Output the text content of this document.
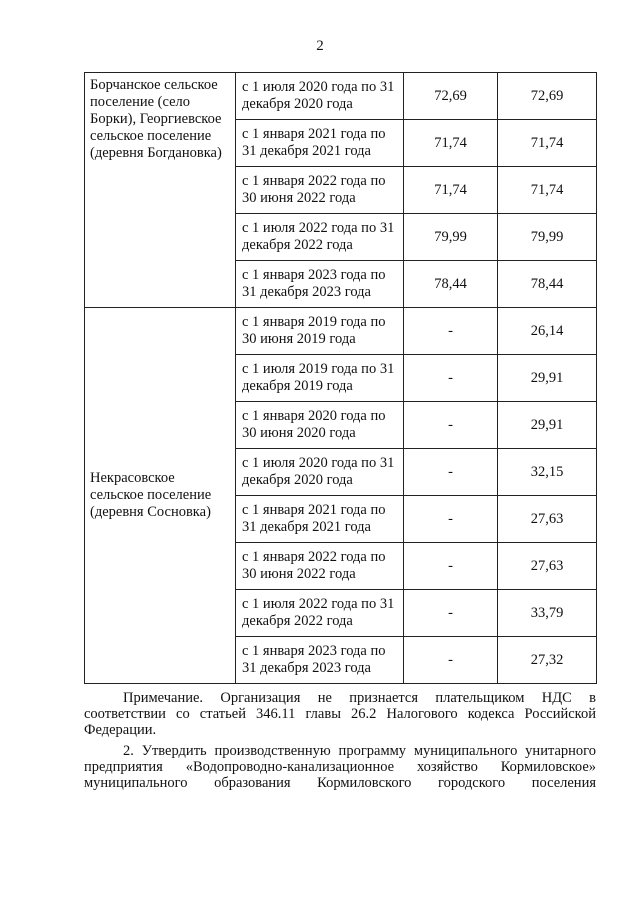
2
Борчанское сельское поселение (село Борки), Георгиевское сельское поселение (деревня Богдановка)	с 1 июля 2020 года по 31 декабря 2020 года	72,69	72,69
	с 1 января 2021 года по 31 декабря 2021 года	71,74	71,74
	с 1 января 2022 года по 30 июня 2022 года	71,74	71,74
	с 1 июля 2022 года по 31 декабря 2022 года	79,99	79,99
	с 1 января 2023 года по 31 декабря 2023 года	78,44	78,44
Некрасовское сельское поселение (деревня Сосновка)	с 1 января 2019 года по 30 июня 2019 года	-	26,14
	с 1 июля 2019 года по 31 декабря 2019 года	-	29,91
	с 1 января 2020 года по 30 июня 2020 года	-	29,91
	с 1 июля 2020 года по 31 декабря 2020 года	-	32,15
	с 1 января 2021 года по 31 декабря 2021 года	-	27,63
	с 1 января 2022 года по 30 июня 2022 года	-	27,63
	с 1 июля 2022 года по 31 декабря 2022 года	-	33,79
	с 1 января 2023 года по 31 декабря 2023 года	-	27,32

Примечание. Организация не признается плательщиком НДС в соответствии со статьей 346.11 главы 26.2 Налогового кодекса Российской Федерации.

2. Утвердить производственную программу муниципального унитарного предприятия «Водопроводно-канализационное хозяйство Кормиловское» муниципального образования Кормиловского городского поселения
